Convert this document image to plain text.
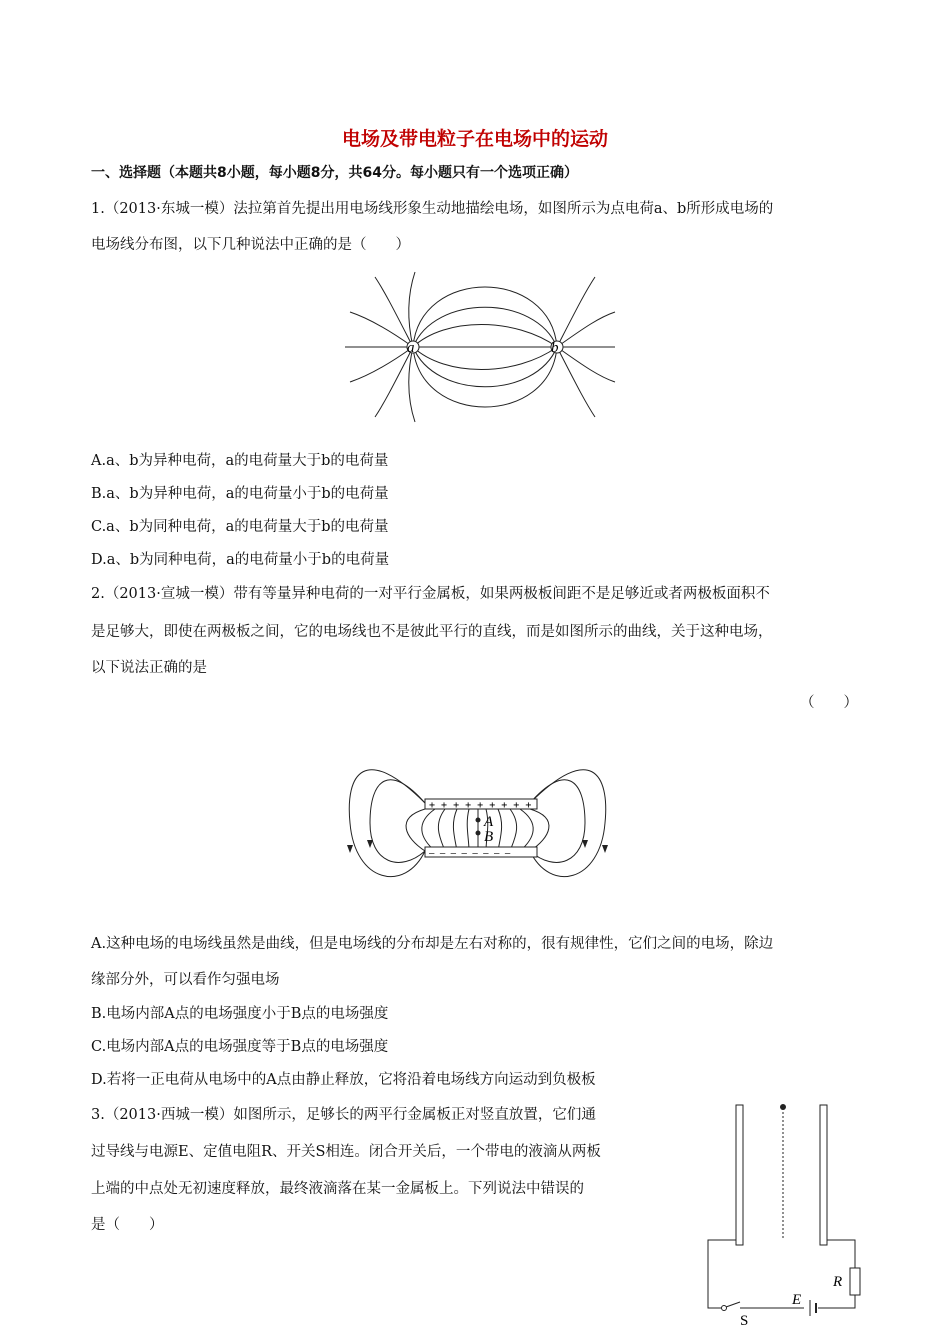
电场及带电粒子在电场中的运动
一、选择题（本题共8小题，每小题8分，共64分。每小题只有一个选项正确）
1.（2013·东城一模）法拉第首先提出用电场线形象生动地描绘电场，如图所示为点电荷a、b所形成电场的
电场线分布图，以下几种说法中正确的是（　　）
a	b
A.a、b为异种电荷，a的电荷量大于b的电荷量
B.a、b为异种电荷，a的电荷量小于b的电荷量
C.a、b为同种电荷，a的电荷量大于b的电荷量
D.a、b为同种电荷，a的电荷量小于b的电荷量
2.（2013·宣城一模）带有等量异种电荷的一对平行金属板，如果两极板间距不是足够近或者两极板面积不
是足够大，即使在两极板之间，它的电场线也不是彼此平行的直线，而是如图所示的曲线，关于这种电场，
以下说法正确的是
（　　）
+ + + + + + + + +
— — — — — — — —
A
B
A.这种电场的电场线虽然是曲线，但是电场线的分布却是左右对称的，很有规律性，它们之间的电场，除边
缘部分外，可以看作匀强电场
B.电场内部A点的电场强度小于B点的电场强度
C.电场内部A点的电场强度等于B点的电场强度
D.若将一正电荷从电场中的A点由静止释放，它将沿着电场线方向运动到负极板
3.（2013·西城一模）如图所示，足够长的两平行金属板正对竖直放置，它们通
过导线与电源E、定值电阻R、开关S相连。闭合开关后，一个带电的液滴从两板
上端的中点处无初速度释放，最终液滴落在某一金属板上。下列说法中错误的
是（　　）
R
E
S
